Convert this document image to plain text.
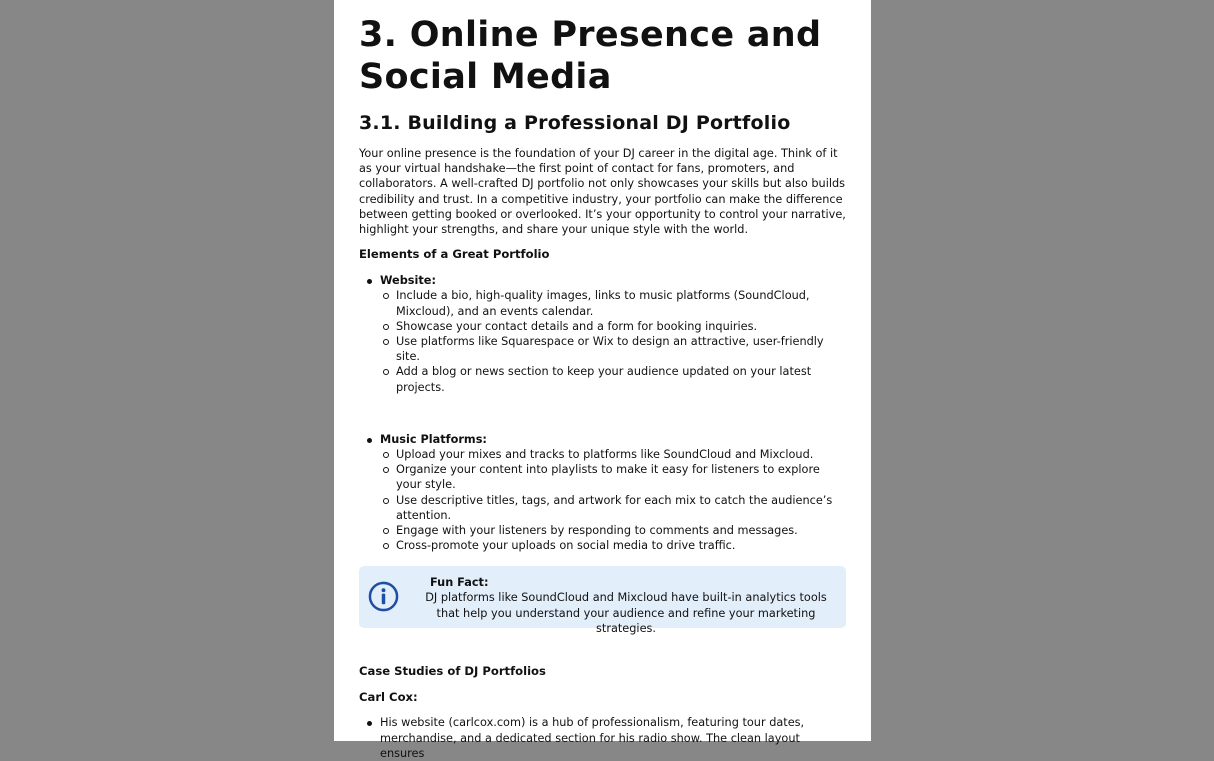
3. Online Presence and Social Media
3.1. Building a Professional DJ Portfolio

Your online presence is the foundation of your DJ career in the digital age. Think of it as your virtual handshake—the first point of contact for fans, promoters, and collaborators. A well-crafted DJ portfolio not only showcases your skills but also builds credibility and trust. In a competitive industry, your portfolio can make the difference between getting booked or overlooked. It’s your opportunity to control your narrative, highlight your strengths, and share your unique style with the world.

Elements of a Great Portfolio
Website:
Include a bio, high-quality images, links to music platforms (SoundCloud, Mixcloud), and an events calendar.
Showcase your contact details and a form for booking inquiries.
Use platforms like Squarespace or Wix to design an attractive, user-friendly site.
Add a blog or news section to keep your audience updated on your latest projects.
Music Platforms:
Upload your mixes and tracks to platforms like SoundCloud and Mixcloud.
Organize your content into playlists to make it easy for listeners to explore your style.
Use descriptive titles, tags, and artwork for each mix to catch the audience’s attention.
Engage with your listeners by responding to comments and messages.
Cross-promote your uploads on social media to drive traffic.
Fun Fact:
DJ platforms like SoundCloud and Mixcloud have built-in analytics tools that help you understand your audience and refine your marketing strategies.
Case Studies of DJ Portfolios
Carl Cox:
His website (carlcox.com) is a hub of professionalism, featuring tour dates, merchandise, and a dedicated section for his radio show. The clean layout ensures
